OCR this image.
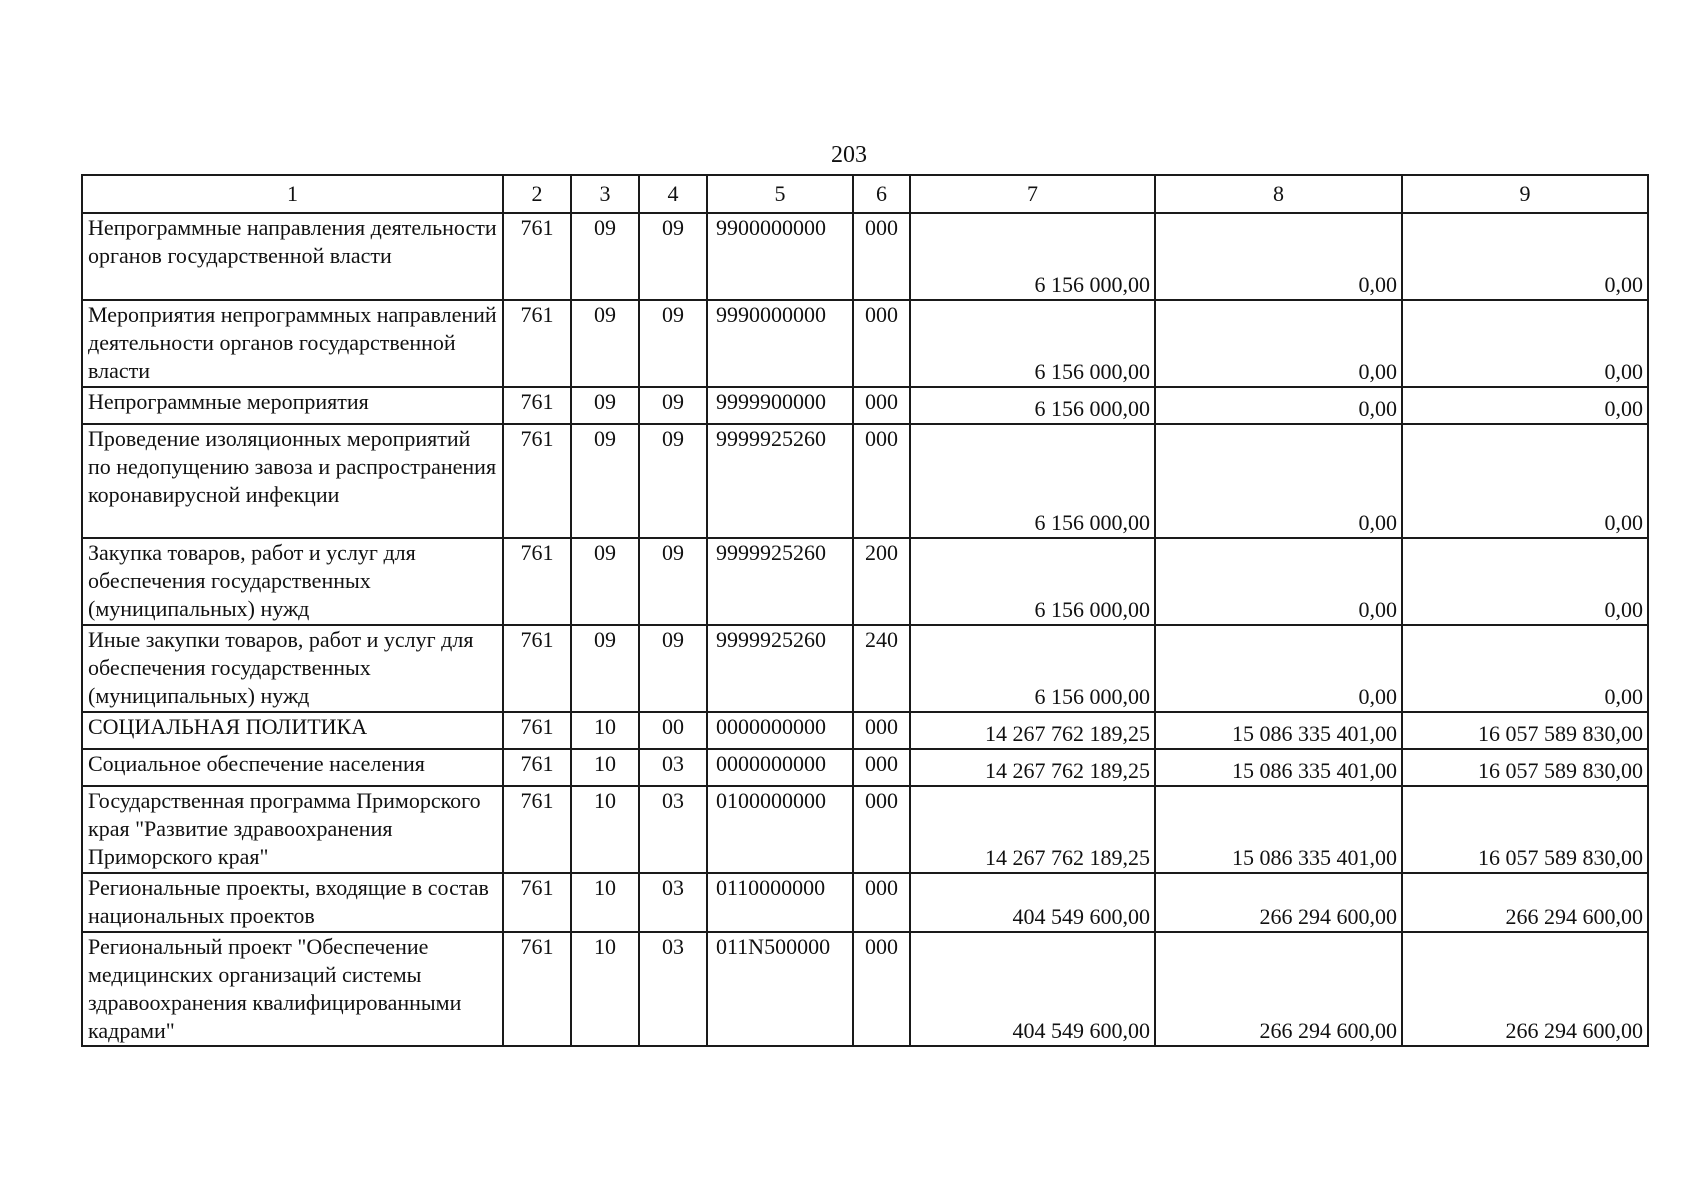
203
1	2	3	4	5	6	7	8	9
Непрограммные направления деятельности органов государственной власти	761	09	09	9900000000	000	6 156 000,00	0,00	0,00
Мероприятия непрограммных направлений деятельности органов государственной власти	761	09	09	9990000000	000	6 156 000,00	0,00	0,00
Непрограммные мероприятия	761	09	09	9999900000	000	6 156 000,00	0,00	0,00
Проведение изоляционных мероприятий по недопущению завоза и распространения коронавирусной инфекции	761	09	09	9999925260	000	6 156 000,00	0,00	0,00
Закупка товаров, работ и услуг для обеспечения государственных (муниципальных) нужд	761	09	09	9999925260	200	6 156 000,00	0,00	0,00
Иные закупки товаров, работ и услуг для обеспечения государственных (муниципальных) нужд	761	09	09	9999925260	240	6 156 000,00	0,00	0,00
СОЦИАЛЬНАЯ ПОЛИТИКА	761	10	00	0000000000	000	14 267 762 189,25	15 086 335 401,00	16 057 589 830,00
Социальное обеспечение населения	761	10	03	0000000000	000	14 267 762 189,25	15 086 335 401,00	16 057 589 830,00
Государственная программа Приморского края "Развитие здравоохранения Приморского края"	761	10	03	0100000000	000	14 267 762 189,25	15 086 335 401,00	16 057 589 830,00
Региональные проекты, входящие в состав национальных проектов	761	10	03	0110000000	000	404 549 600,00	266 294 600,00	266 294 600,00
Региональный проект "Обеспечение медицинских организаций системы здравоохранения квалифицированными кадрами"	761	10	03	011N500000	000	404 549 600,00	266 294 600,00	266 294 600,00
